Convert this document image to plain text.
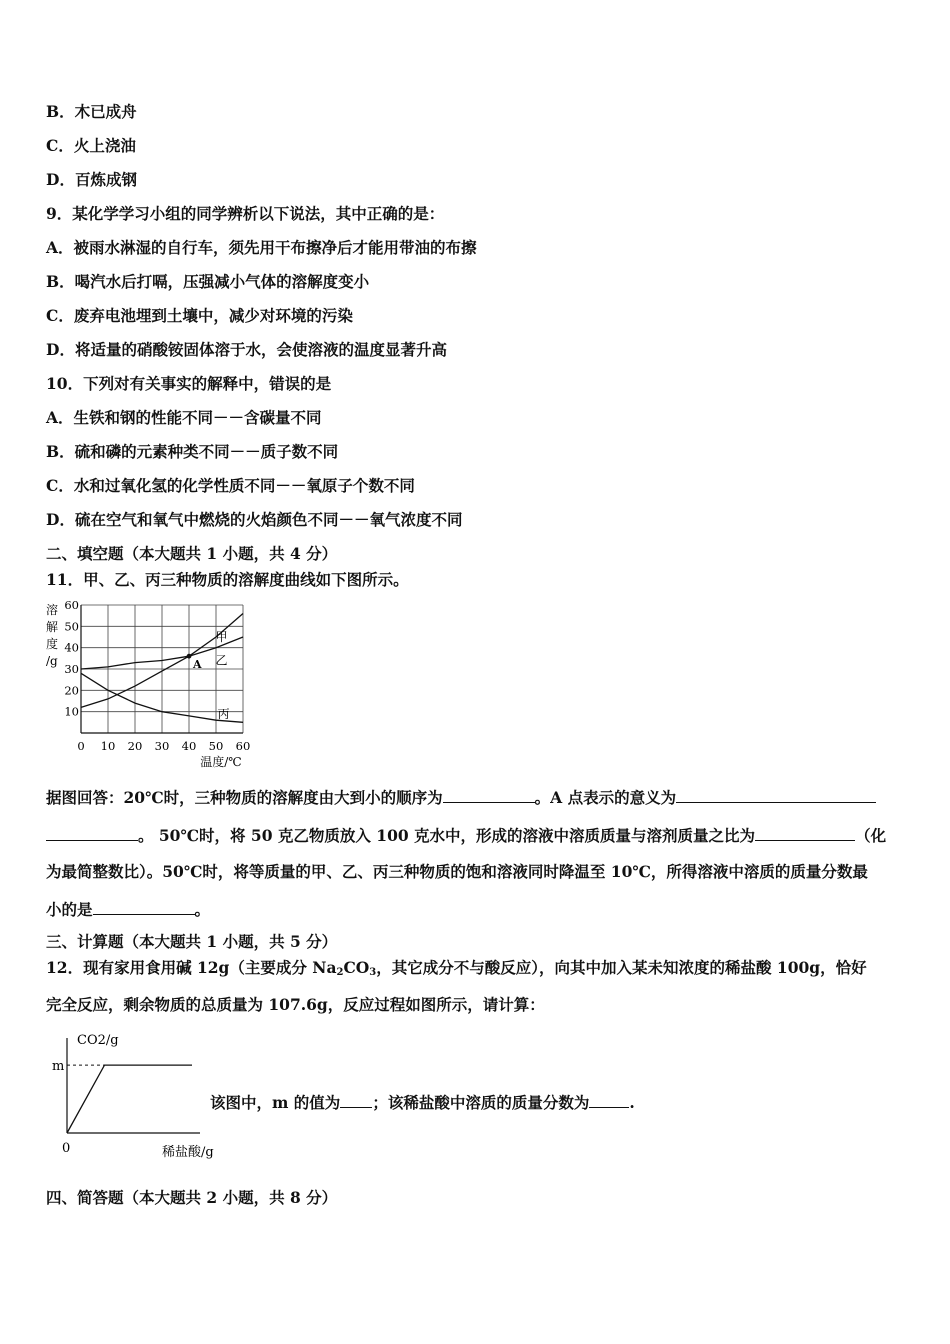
B．木已成舟
C．火上浇油
D．百炼成钢
9．某化学学习小组的同学辨析以下说法，其中正确的是：
A．被雨水淋湿的自行车，须先用干布擦净后才能用带油的布擦
B．喝汽水后打嗝，压强减小气体的溶解度变小
C．废弃电池埋到土壤中，减少对环境的污染
D．将适量的硝酸铵固体溶于水，会使溶液的温度显著升高
10．下列对有关事实的解释中，错误的是
A．生铁和钢的性能不同－－含碳量不同
B．硫和磷的元素种类不同－－质子数不同
C．水和过氧化氢的化学性质不同－－氧原子个数不同
D．硫在空气和氧气中燃烧的火焰颜色不同－－氧气浓度不同
二、填空题（本大题共 1 小题，共 4 分）
11．甲、乙、丙三种物质的溶解度曲线如下图所示。
0 10 20 30 40 50 60
10
20
30
40
50
60
溶
解
度
/g
温度/℃
甲
乙
丙
A
据图回答：20℃时，三种物质的溶解度由大到小的顺序为	。A 点表示的意义为
。 50℃时，将 50 克乙物质放入 100 克水中，形成的溶液中溶质质量与溶剂质量之比为	（化
为最简整数比）。50℃时，将等质量的甲、乙、丙三种物质的饱和溶液同时降温至 10℃，所得溶液中溶质的质量分数最
小的是	。
三、计算题（本大题共 1 小题，共 5 分）
12．现有家用食用碱 12g（主要成分 $Na_2CO_3$，其它成分不与酸反应），向其中加入某未知浓度的稀盐酸 100g，恰好
完全反应，剩余物质的总质量为 107.6g，反应过程如图所示，请计算：
m
0
CO2/g
稀盐酸/g
该图中，m 的值为 ；该稀盐酸中溶质的质量分数为	.
四、简答题（本大题共 2 小题，共 8 分）
